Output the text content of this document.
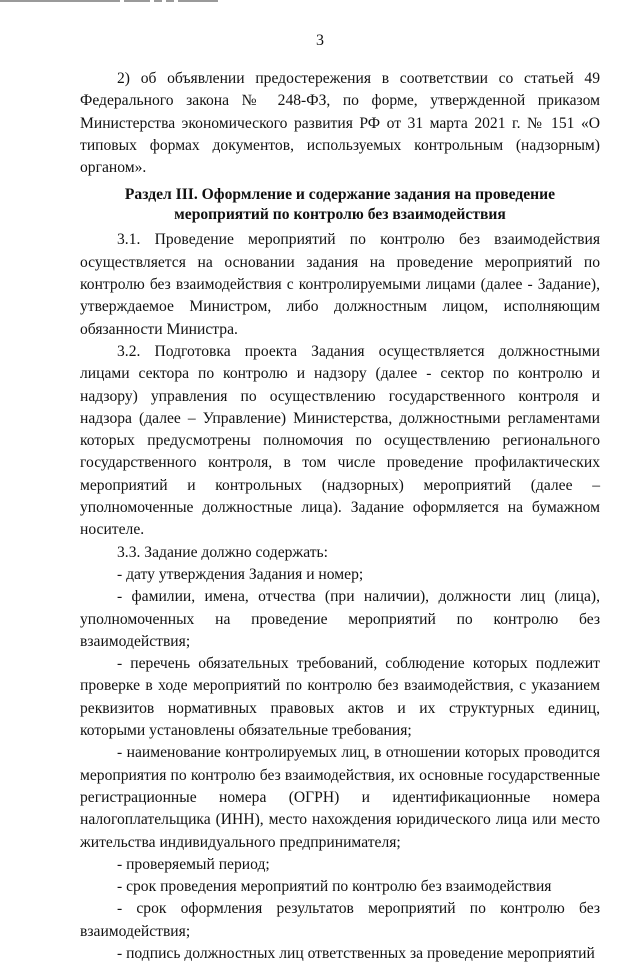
3

2) об объявлении предостережения в соответствии со статьей 49 Федерального закона № 248-ФЗ, по форме, утвержденной приказом Министерства экономического развития РФ от 31 марта 2021 г. № 151 «О типовых формах документов, используемых контрольным (надзорным) органом».

Раздел III. Оформление и содержание задания на проведение мероприятий по контролю без взаимодействия

3.1. Проведение мероприятий по контролю без взаимодействия осуществляется на основании задания на проведение мероприятий по контролю без взаимодействия с контролируемыми лицами (далее - Задание), утверждаемое Министром, либо должностным лицом, исполняющим обязанности Министра.

3.2. Подготовка проекта Задания осуществляется должностными лицами сектора по контролю и надзору (далее - сектор по контролю и надзору) управления по осуществлению государственного контроля и надзора (далее – Управление) Министерства, должностными регламентами которых предусмотрены полномочия по осуществлению регионального государственного контроля, в том числе проведение профилактических мероприятий и контрольных (надзорных) мероприятий (далее – уполномоченные должностные лица). Задание оформляется на бумажном носителе.

3.3. Задание должно содержать:

- дату утверждения Задания и номер;

- фамилии, имена, отчества (при наличии), должности лиц (лица), уполномоченных на проведение мероприятий по контролю без взаимодействия;

- перечень обязательных требований, соблюдение которых подлежит проверке в ходе мероприятий по контролю без взаимодействия, с указанием реквизитов нормативных правовых актов и их структурных единиц, которыми установлены обязательные требования;

- наименование контролируемых лиц, в отношении которых проводится мероприятия по контролю без взаимодействия, их основные государственные регистрационные номера (ОГРН) и идентификационные номера налогоплательщика (ИНН), место нахождения юридического лица или место жительства индивидуального предпринимателя;

- проверяемый период;

- срок проведения мероприятий по контролю без взаимодействия

- срок оформления результатов мероприятий по контролю без взаимодействия;

- подпись должностных лиц ответственных за проведение мероприятий
